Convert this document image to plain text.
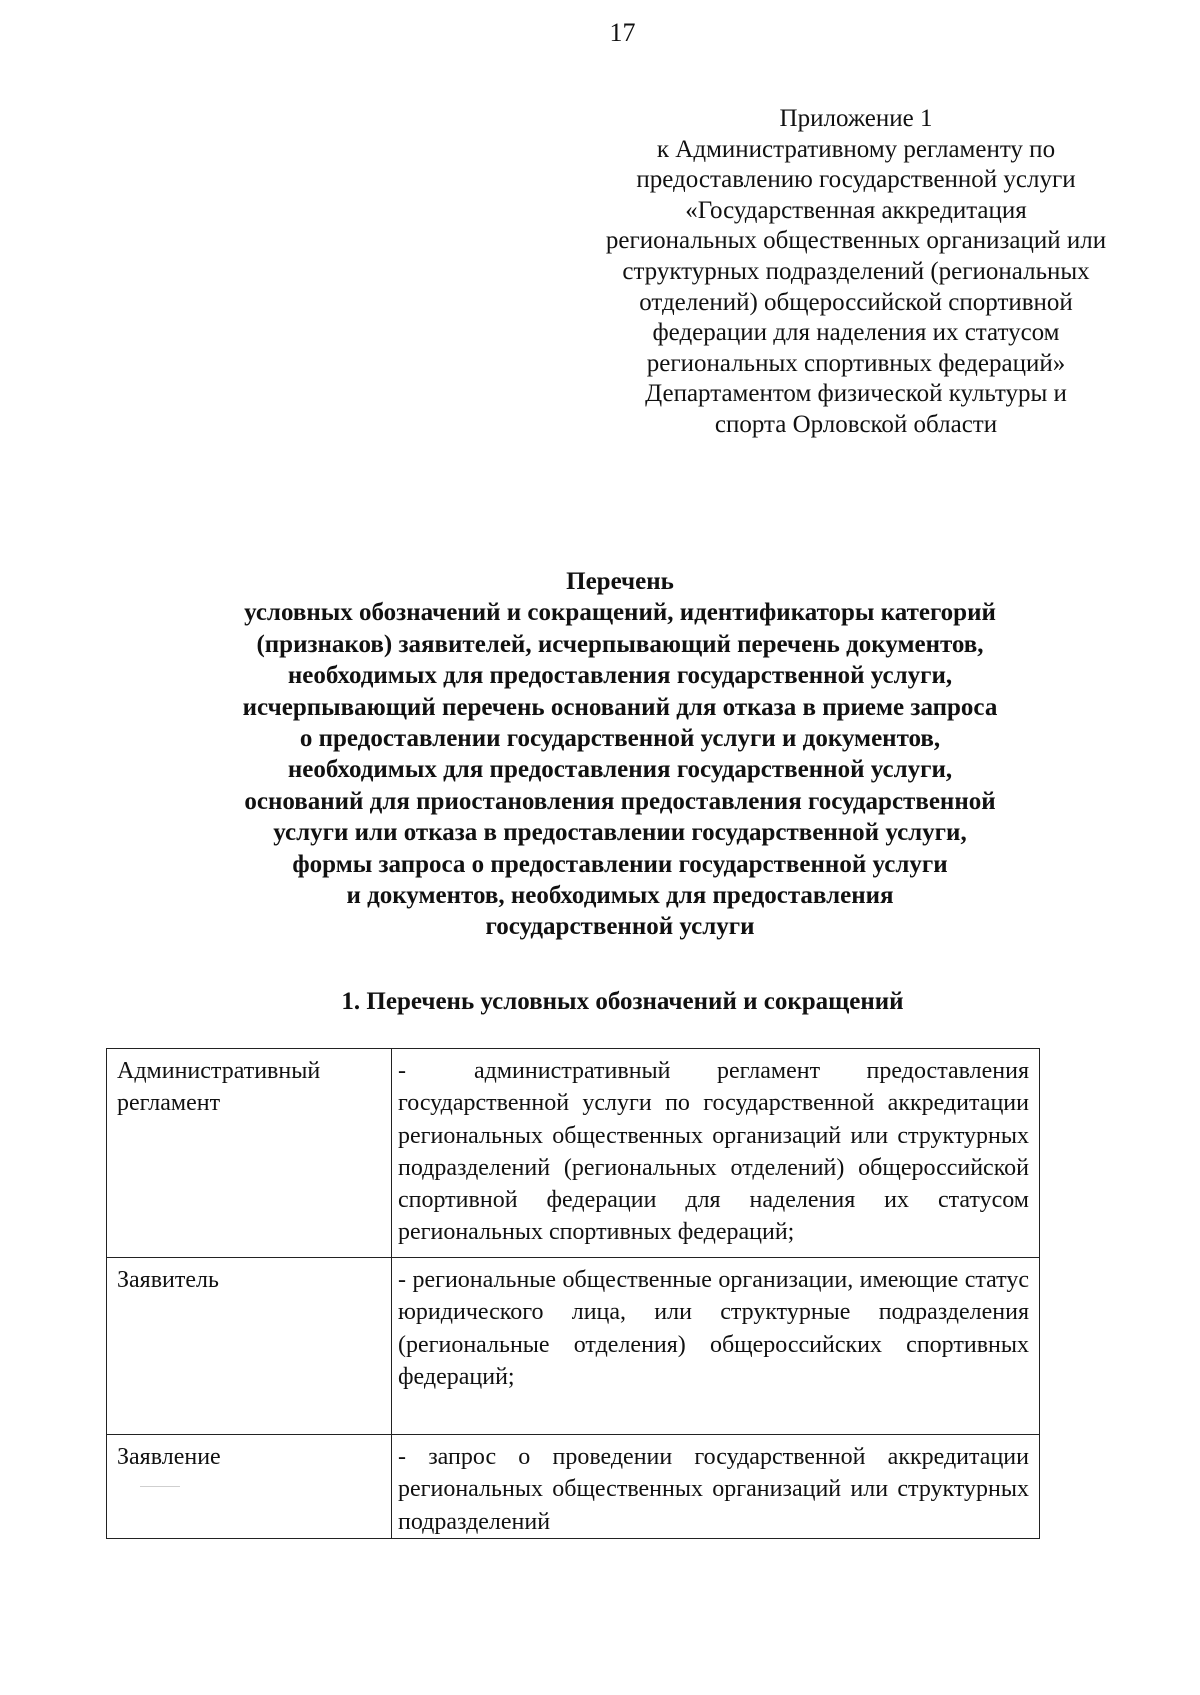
17
Приложение 1
к Административному регламенту по
предоставлению государственной услуги
«Государственная аккредитация
региональных общественных организаций или
структурных подразделений (региональных
отделений) общероссийской спортивной
федерации для наделения их статусом
региональных спортивных федераций»
Департаментом физической культуры и
спорта Орловской области
Перечень
условных обозначений и сокращений, идентификаторы категорий
(признаков) заявителей, исчерпывающий перечень документов,
необходимых для предоставления государственной услуги,
исчерпывающий перечень оснований для отказа в приеме запроса
о предоставлении государственной услуги и документов,
необходимых для предоставления государственной услуги,
оснований для приостановления предоставления государственной
услуги или отказа в предоставлении государственной услуги,
формы запроса о предоставлении государственной услуги
и документов, необходимых для предоставления
государственной услуги
1. Перечень условных обозначений и сокращений
Административный регламент	- административный регламент предоставления государственной услуги по государственной аккредитации региональных общественных организаций или структурных подразделений (региональных отделений) общероссийской спортивной федерации для наделения их статусом региональных спортивных федераций;

Заявитель	- региональные общественные организации, имеющие статус юридического лица, или структурные подразделения (региональные отделения) общероссийских спортивных федераций;

Заявление	- запрос о проведении государственной аккредитации региональных общественных организаций или структурных подразделений
